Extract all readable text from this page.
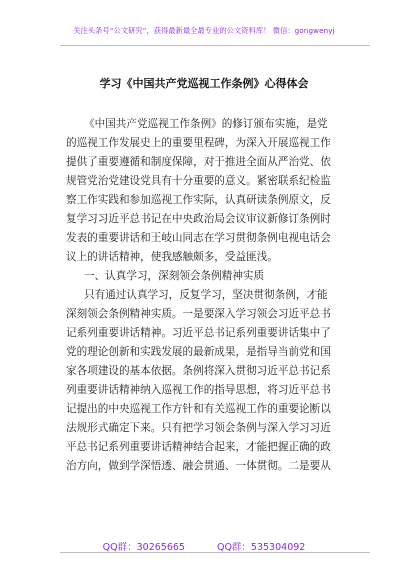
关注头条号“公文研究”，获得最新最全最专业的公文资料库！ 微信：gongwenyj
学习《中国共产党巡视工作条例》心得体会
《中国共产党巡视工作条例》的修订颁布实施，是党
的巡视工作发展史上的重要里程碑，为深入开展巡视工作
提供了重要遵循和制度保障，对于推进全面从严治党、依
规管党治党建设党具有十分重要的意义。紧密联系纪检监
察工作实践和参加巡视工作实际，认真研读条例原文，反
复学习习近平总书记在中央政治局会议审议新修订条例时
发表的重要讲话和王岐山同志在学习贯彻条例电视电话会
议上的讲话精神，使我感触颇多，受益匪浅。
一、认真学习，深刻领会条例精神实质
只有通过认真学习，反复学习，坚决贯彻条例，才能
深刻领会条例精神实质。一是要深入学习领会习近平总书
记系列重要讲话精神。习近平总书记系列重要讲话集中了
党的理论创新和实践发展的最新成果，是指导当前党和国
家各项建设的基本依据。条例将深入贯彻习近平总书记系
列重要讲话精神纳入巡视工作的指导思想，将习近平总书
记提出的中央巡视工作方针和有关巡视工作的重要论断以
法规形式确定下来。只有把学习领会条例与深入学习习近
平总书记系列重要讲话精神结合起来，才能把握正确的政
治方向，做到学深悟透、融会贯通、一体贯彻。二是要从
QQ群：30265665	QQ群：535304092
